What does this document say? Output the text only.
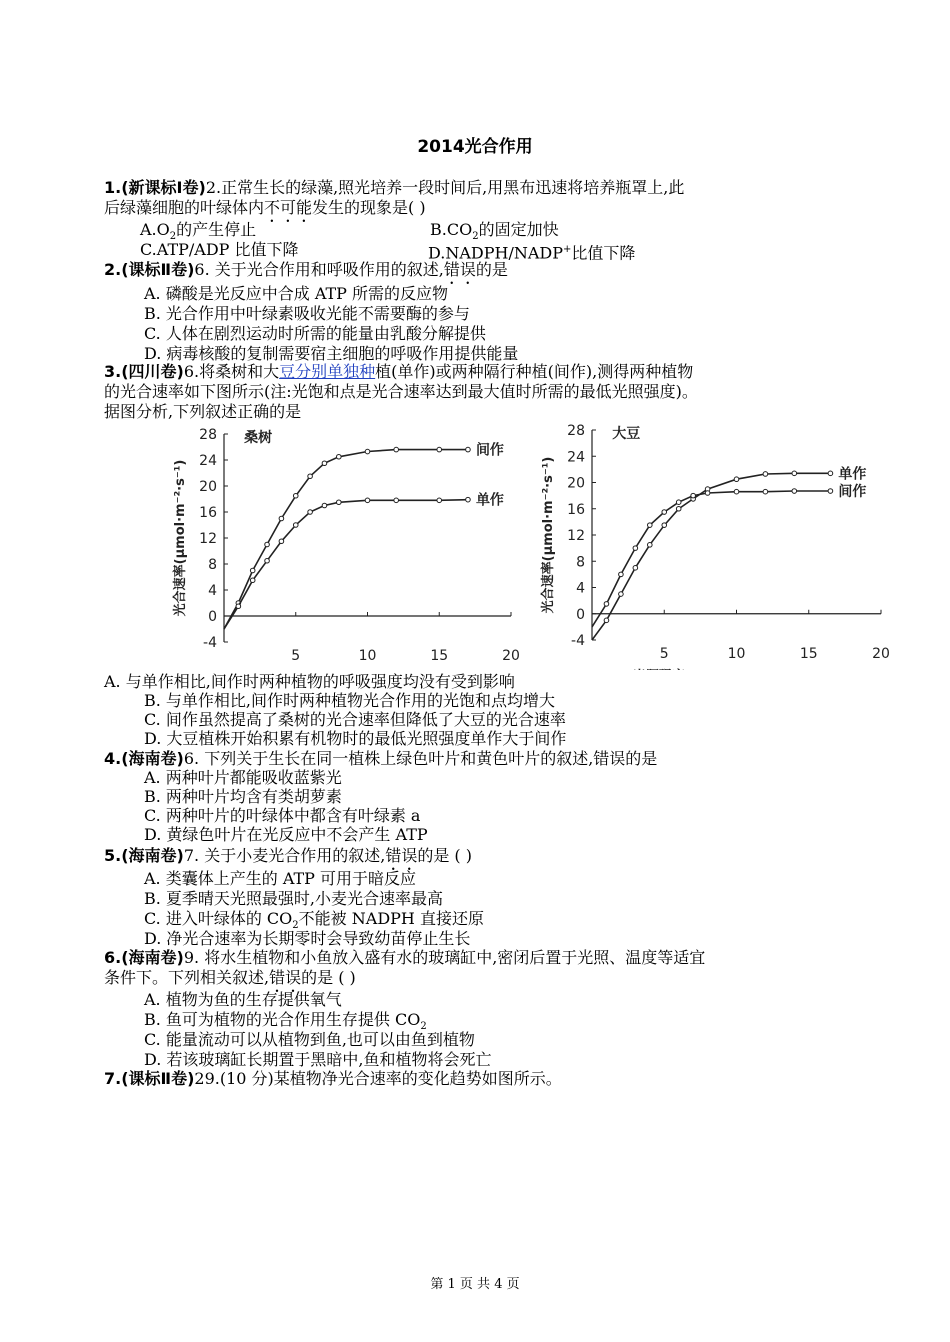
2014光合作用
1.(新课标Ⅰ卷)2.正常生长的绿藻,照光培养一段时间后,用黑布迅速将培养瓶罩上,此
后绿藻细胞的叶绿体内不可能发生的现象是( )
$A.O_2$的产生停止	$B.CO_2$的固定加快
C.ATP/ADP 比值下降	D.NADPH/NADP+比值下降
2.(课标Ⅱ卷)6. 关于光合作用和呼吸作用的叙述,错误的是
A. 磷酸是光反应中合成 ATP 所需的反应物
B. 光合作用中叶绿素吸收光能不需要酶的参与
C. 人体在剧烈运动时所需的能量由乳酸分解提供
D. 病毒核酸的复制需要宿主细胞的呼吸作用提供能量
3.(四川卷)6.将桑树和大豆分别单独种植(单作)或两种隔行种植(间作),测得两种植物
的光合速率如下图所示(注:光饱和点是光合速率达到最大值时所需的最低光照强度)。
据图分析,下列叙述正确的是
28
24
20
16
12
8
4
0
-4
5	10	15	20
桑树
光合速率(μmol·m⁻²·s⁻¹)
间作
单作
28
24
20
16
12
8
4
0
-4
5	10	15	20
大豆
光合速率(μmol·m⁻²·s⁻¹)	单作
间作
A. 与单作相比,间作时两种植物的呼吸强度均没有受到影响
B. 与单作相比,间作时两种植物光合作用的光饱和点均增大
C. 间作虽然提高了桑树的光合速率但降低了大豆的光合速率
D. 大豆植株开始积累有机物时的最低光照强度单作大于间作
4.(海南卷)6. 下列关于生长在同一植株上绿色叶片和黄色叶片的叙述,错误的是
A. 两种叶片都能吸收蓝紫光
B. 两种叶片均含有类胡萝素
C. 两种叶片的叶绿体中都含有叶绿素 a
D. 黄绿色叶片在光反应中不会产生 ATP
5.(海南卷)7. 关于小麦光合作用的叙述,错误的是 ( )
A. 类囊体上产生的 ATP 可用于暗反应
B. 夏季晴天光照最强时,小麦光合速率最高
C. 进入叶绿体的 $CO_2$不能被 NADPH 直接还原
D. 净光合速率为长期零时会导致幼苗停止生长
6.(海南卷)9. 将水生植物和小鱼放入盛有水的玻璃缸中,密闭后置于光照、温度等适宜
条件下。下列相关叙述,错误的是 ( )
A. 植物为鱼的生存提供氧气
B. 鱼可为植物的光合作用生存提供 $CO_2$
C. 能量流动可以从植物到鱼,也可以由鱼到植物
D. 若该玻璃缸长期置于黑暗中,鱼和植物将会死亡
7.(课标Ⅱ卷)29.(10 分)某植物净光合速率的变化趋势如图所示。
第 1 页 共 4 页
